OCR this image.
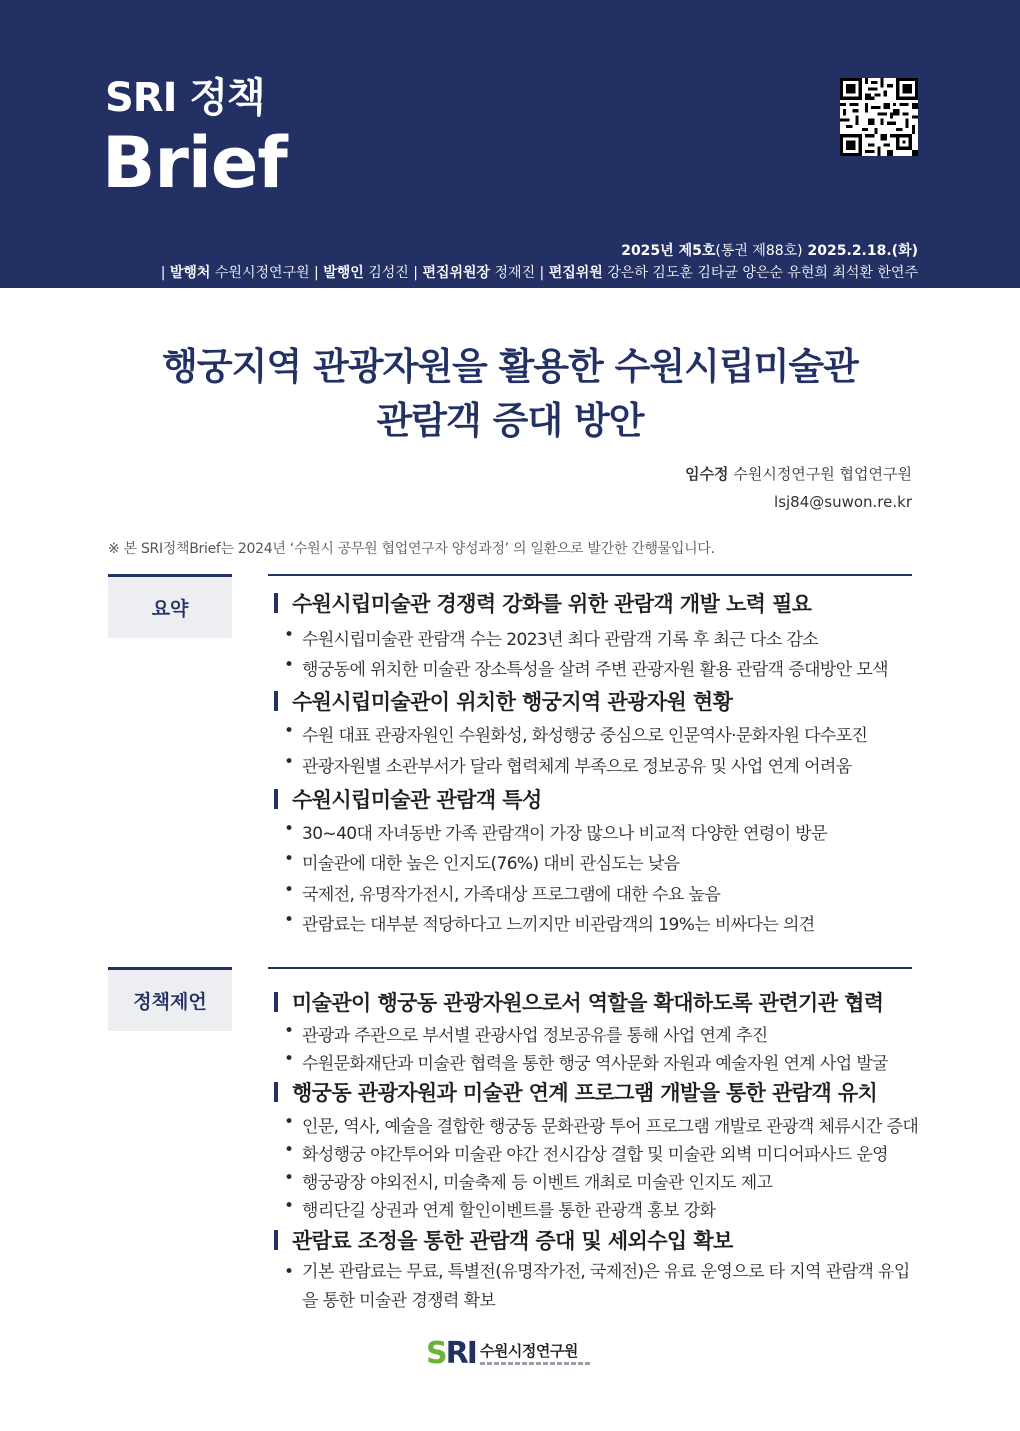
SRI 정책
Brief
2025년 제5호(통권 제88호) 2025.2.18.(화)
| 발행처 수원시정연구원 | 발행인 김성진 | 편집위원장 정재진 | 편집위원 강은하 김도훈 김타균 양은순 유현희 최석환 한연주
행궁지역 관광자원을 활용한 수원시립미술관
관람객 증대 방안
임수정 수원시정연구원 협업연구원
lsj84@suwon.re.kr
※ 본 SRI정책Brief는 2024년 ‘수원시 공무원 협업연구자 양성과정’ 의 일환으로 발간한 간행물입니다.
요약	수원시립미술관 경쟁력 강화를 위한 관람객 개발 노력 필요
• 수원시립미술관 관람객 수는 2023년 최다 관람객 기록 후 최근 다소 감소
• 행궁동에 위치한 미술관 장소특성을 살려 주변 관광자원 활용 관람객 증대방안 모색
수원시립미술관이 위치한 행궁지역 관광자원 현황
• 수원 대표 관광자원인 수원화성, 화성행궁 중심으로 인문역사·문화자원 다수포진
• 관광자원별 소관부서가 달라 협력체계 부족으로 정보공유 및 사업 연계 어려움
수원시립미술관 관람객 특성
• 30~40대 자녀동반 가족 관람객이 가장 많으나 비교적 다양한 연령이 방문
• 미술관에 대한 높은 인지도(76%) 대비 관심도는 낮음
• 국제전, 유명작가전시, 가족대상 프로그램에 대한 수요 높음
• 관람료는 대부분 적당하다고 느끼지만 비관람객의 19%는 비싸다는 의견
정책제언	미술관이 행궁동 관광자원으로서 역할을 확대하도록 관련기관 협력
• 관광과 주관으로 부서별 관광사업 정보공유를 통해 사업 연계 추진
• 수원문화재단과 미술관 협력을 통한 행궁 역사문화 자원과 예술자원 연계 사업 발굴
행궁동 관광자원과 미술관 연계 프로그램 개발을 통한 관람객 유치
• 인문, 역사, 예술을 결합한 행궁동 문화관광 투어 프로그램 개발로 관광객 체류시간 증대
• 화성행궁 야간투어와 미술관 야간 전시감상 결합 및 미술관 외벽 미디어파사드 운영
• 행궁광장 야외전시, 미술축제 등 이벤트 개최로 미술관 인지도 제고
• 행리단길 상권과 연계 할인이벤트를 통한 관광객 홍보 강화
관람료 조정을 통한 관람객 증대 및 세외수입 확보
• 기본 관람료는 무료, 특별전(유명작가전, 국제전)은 유료 운영으로 타 지역 관람객 유입을 통한 미술관 경쟁력 확보
SRI 수원시정연구원
